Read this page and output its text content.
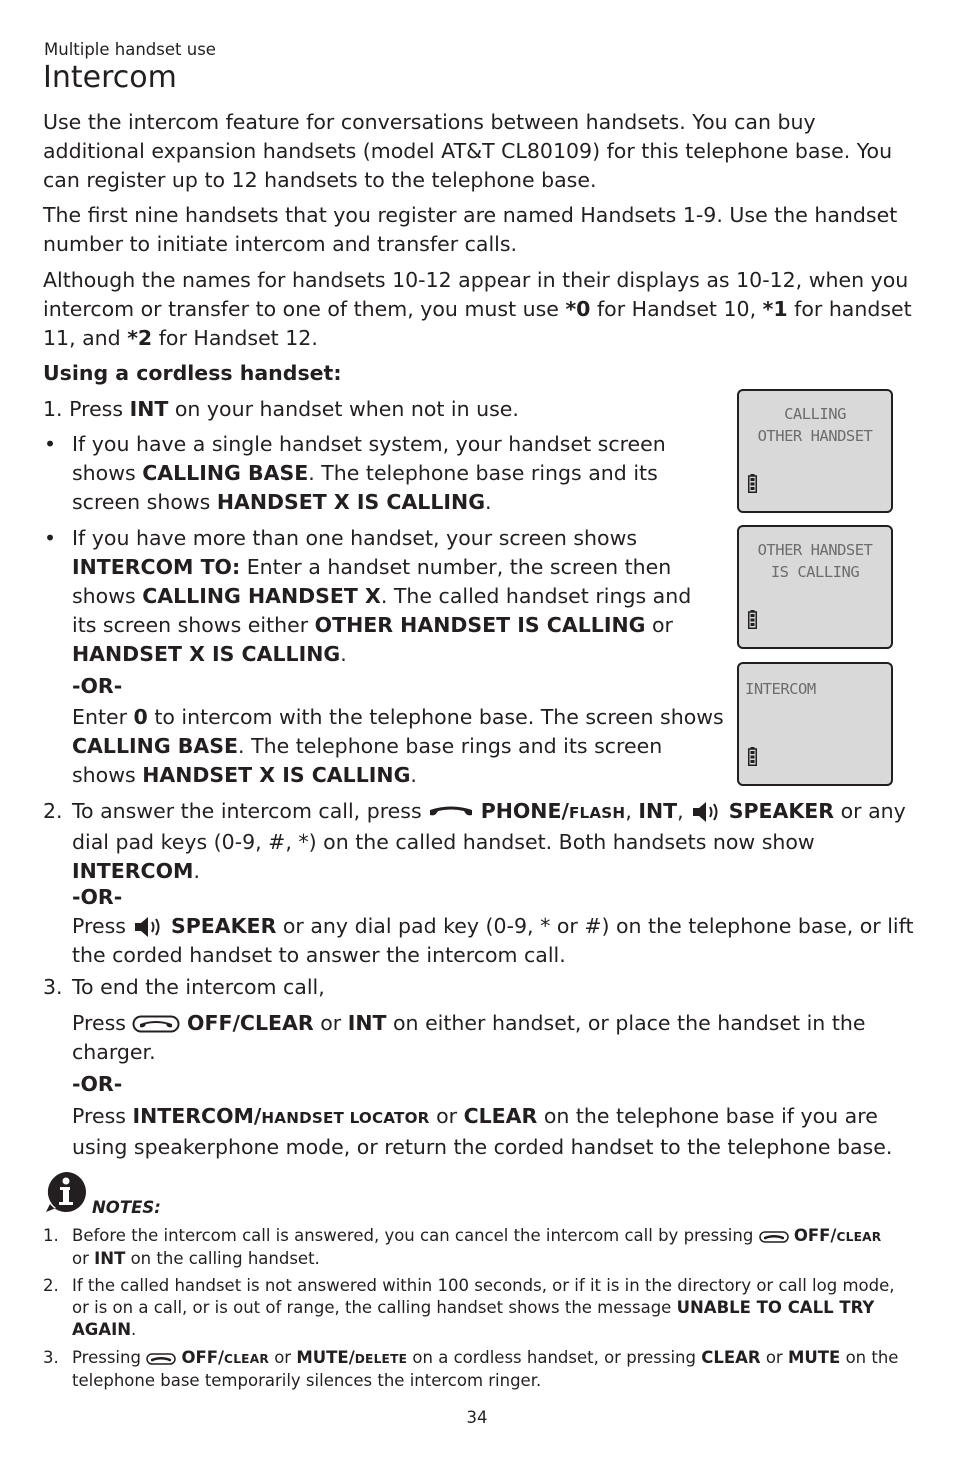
Multiple handset use
Intercom
Use the intercom feature for conversations between handsets. You can buy additional expansion handsets (model AT&T CL80109) for this telephone base. You can register up to 12 handsets to the telephone base.
The first nine handsets that you register are named Handsets 1-9. Use the handset number to initiate intercom and transfer calls.
Although the names for handsets 10-12 appear in their displays as 10-12, when you intercom or transfer to one of them, you must use *0 for Handset 10, *1 for handset 11, and *2 for Handset 12.
Using a cordless handset:
1. Press INT on your handset when not in use.
• If you have a single handset system, your handset screen shows CALLING BASE. The telephone base rings and its screen shows HANDSET X IS CALLING.
• If you have more than one handset, your screen shows INTERCOM TO: Enter a handset number, the screen then shows CALLING HANDSET X. The called handset rings and its screen shows either OTHER HANDSET IS CALLING or HANDSET X IS CALLING.
-OR-
Enter 0 to intercom with the telephone base. The screen shows CALLING BASE. The telephone base rings and its screen shows HANDSET X IS CALLING.
CALLING
OTHER HANDSET
OTHER HANDSET
IS CALLING
INTERCOM
2. To answer the intercom call, press	PHONE/FLASH, INT,  SPEAKER or any dial pad keys (0-9, #, *) on the called handset. Both handsets now show INTERCOM.
-OR-
Press  SPEAKER or any dial pad key (0-9, * or #) on the telephone base, or lift the corded handset to answer the intercom call.
3. To end the intercom call,
Press	OFF/CLEAR or INT on either handset, or place the handset in the charger.
-OR-
Press INTERCOM/HANDSET LOCATOR or CLEAR on the telephone base if you are using speakerphone mode, or return the corded handset to the telephone base.
NOTES:
1. Before the intercom call is answered, you can cancel the intercom call by pressing  OFF/CLEAR or INT on the calling handset.
2. If the called handset is not answered within 100 seconds, or if it is in the directory or call log mode, or is on a call, or is out of range, the calling handset shows the message UNABLE TO CALL TRY AGAIN.
3. Pressing  OFF/CLEAR or MUTE/DELETE on a cordless handset, or pressing CLEAR or MUTE on the telephone base temporarily silences the intercom ringer.
34
